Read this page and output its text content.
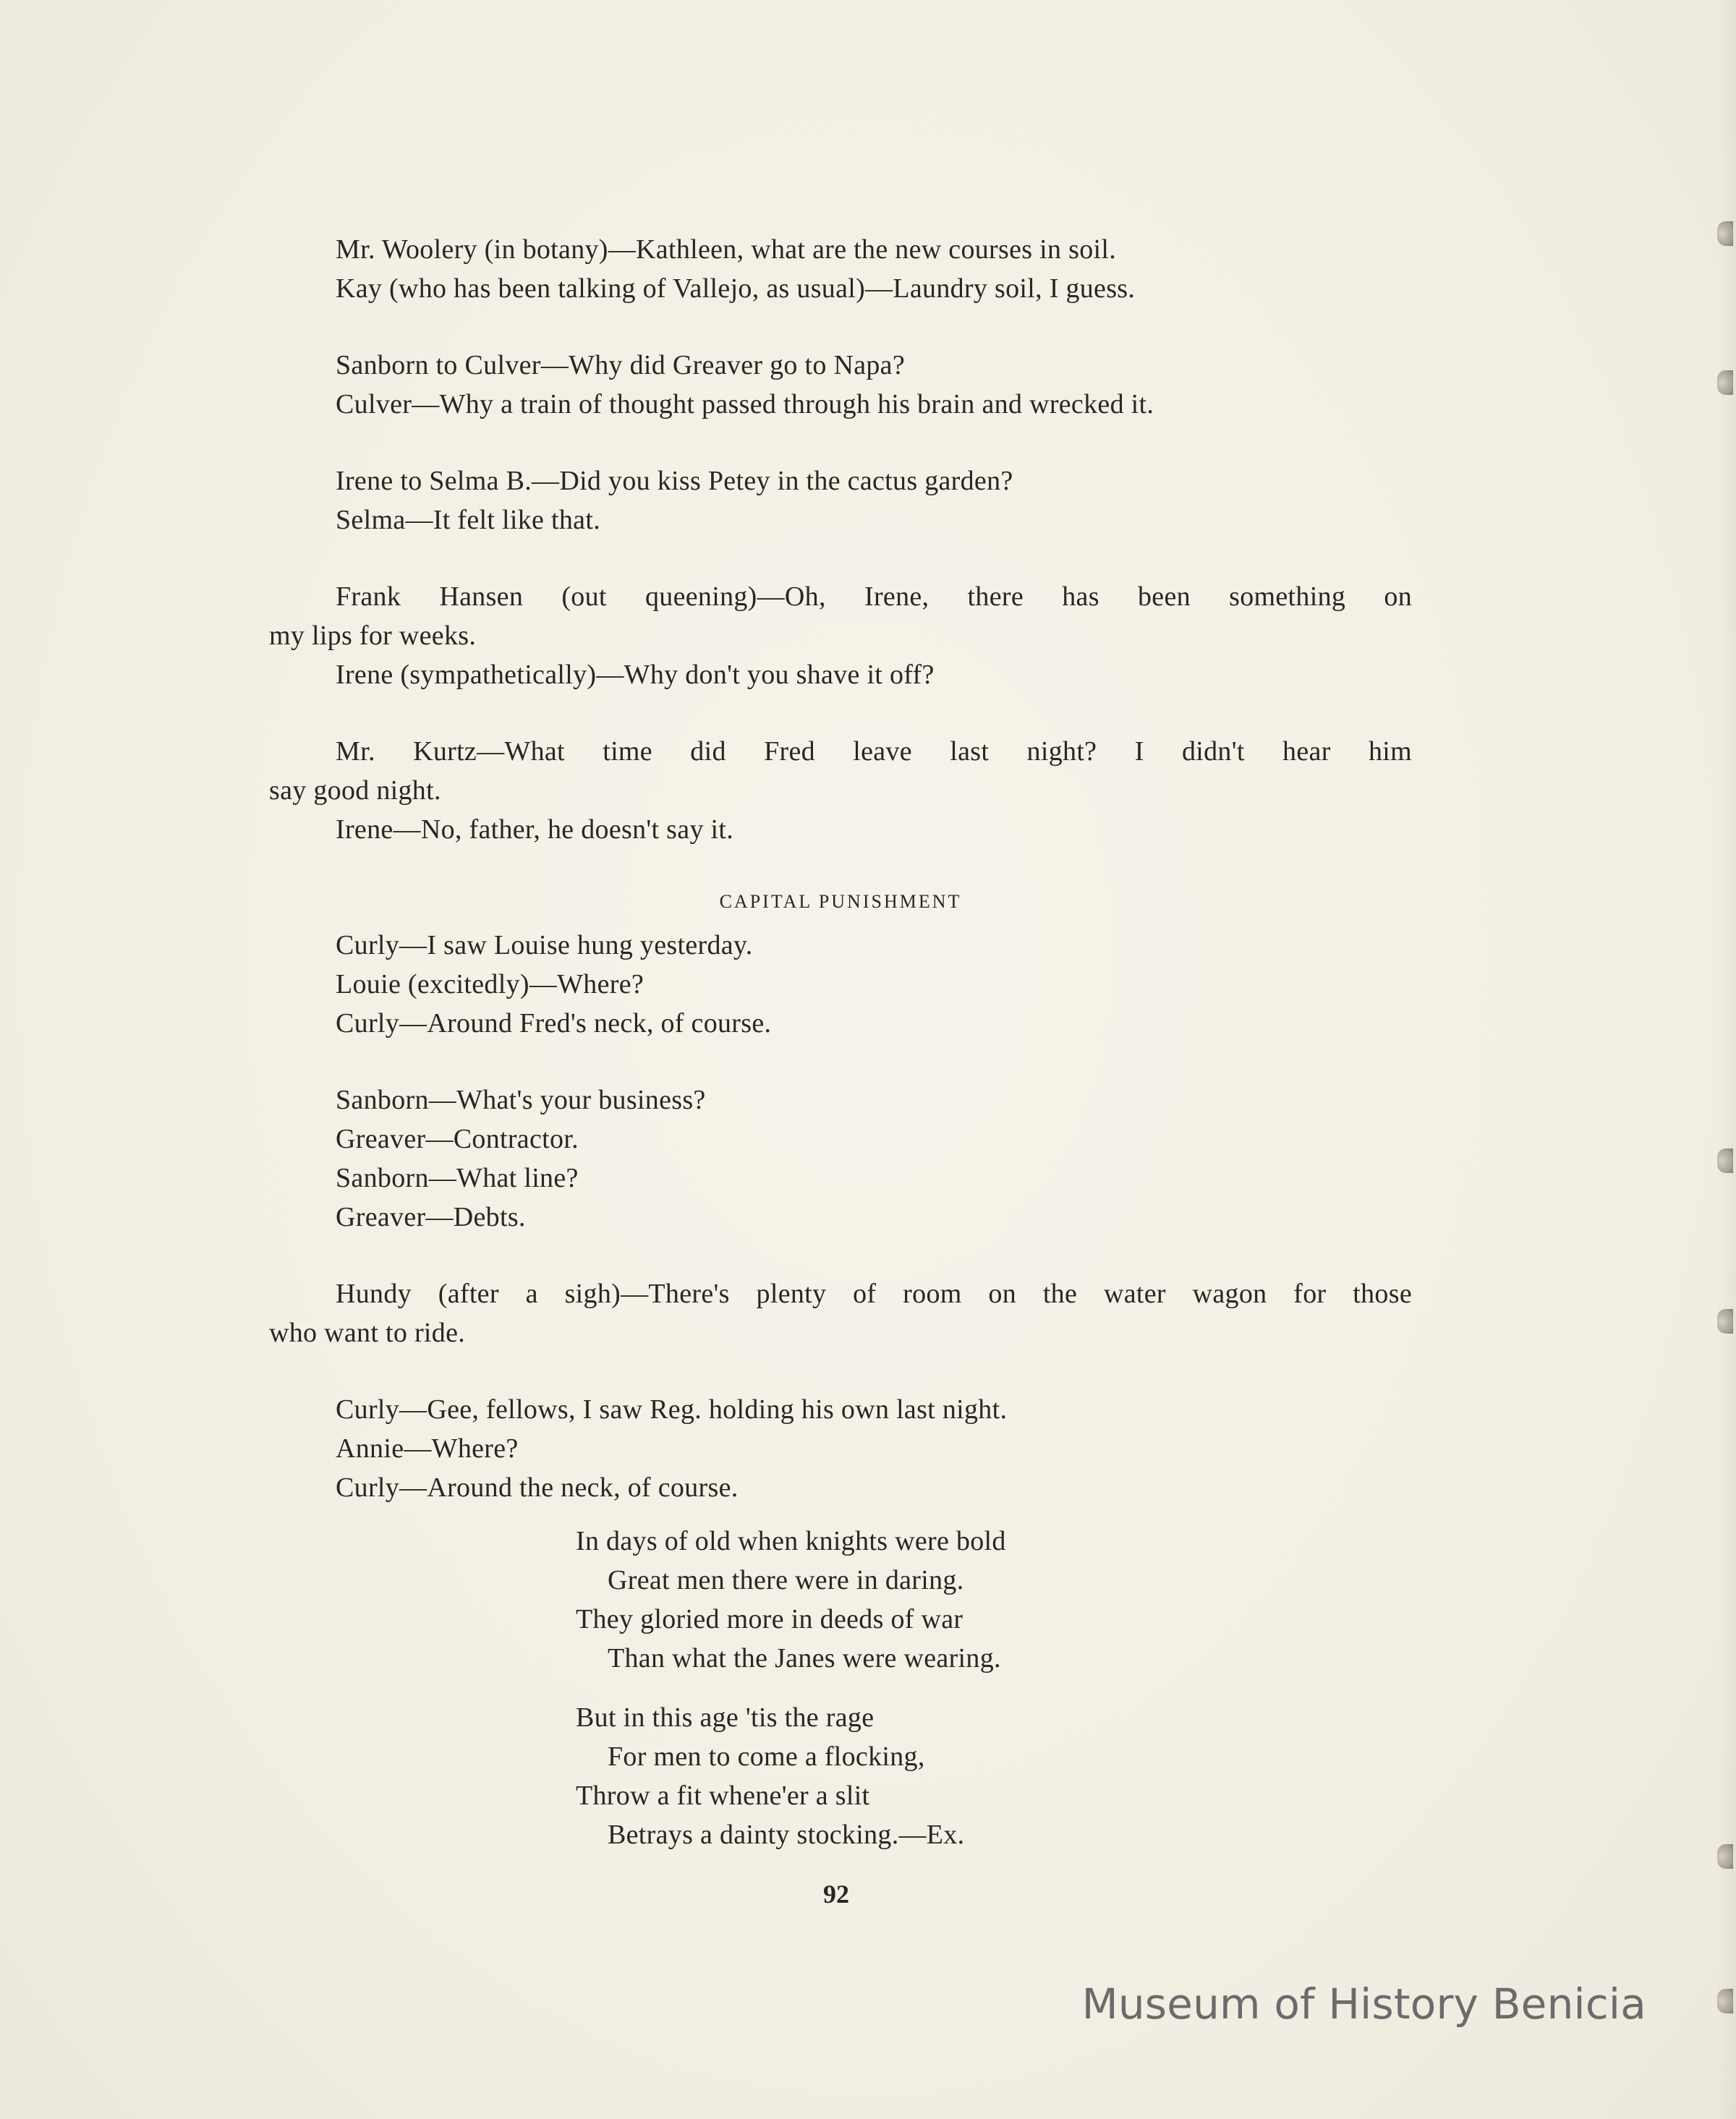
Mr. Woolery (in botany)—Kathleen, what are the new courses in soil.
Kay (who has been talking of Vallejo, as usual)—Laundry soil, I guess.
Sanborn to Culver—Why did Greaver go to Napa?
Culver—Why a train of thought passed through his brain and wrecked it.
Irene to Selma B.—Did you kiss Petey in the cactus garden?
Selma—It felt like that.
Frank Hansen (out queening)—Oh, Irene, there has been something on
my lips for weeks.
Irene (sympathetically)—Why don't you shave it off?
Mr. Kurtz—What time did Fred leave last night? I didn't hear him
say good night.
Irene—No, father, he doesn't say it.
CAPITAL PUNISHMENT
Curly—I saw Louise hung yesterday.
Louie (excitedly)—Where?
Curly—Around Fred's neck, of course.
Sanborn—What's your business?
Greaver—Contractor.
Sanborn—What line?
Greaver—Debts.
Hundy (after a sigh)—There's plenty of room on the water wagon for those
who want to ride.
Curly—Gee, fellows, I saw Reg. holding his own last night.
Annie—Where?
Curly—Around the neck, of course.
In days of old when knights were bold
Great men there were in daring.
They gloried more in deeds of war
Than what the Janes were wearing.
But in this age 'tis the rage
For men to come a flocking,
Throw a fit whene'er a slit
Betrays a dainty stocking.—Ex.
92
Museum of History Benicia
